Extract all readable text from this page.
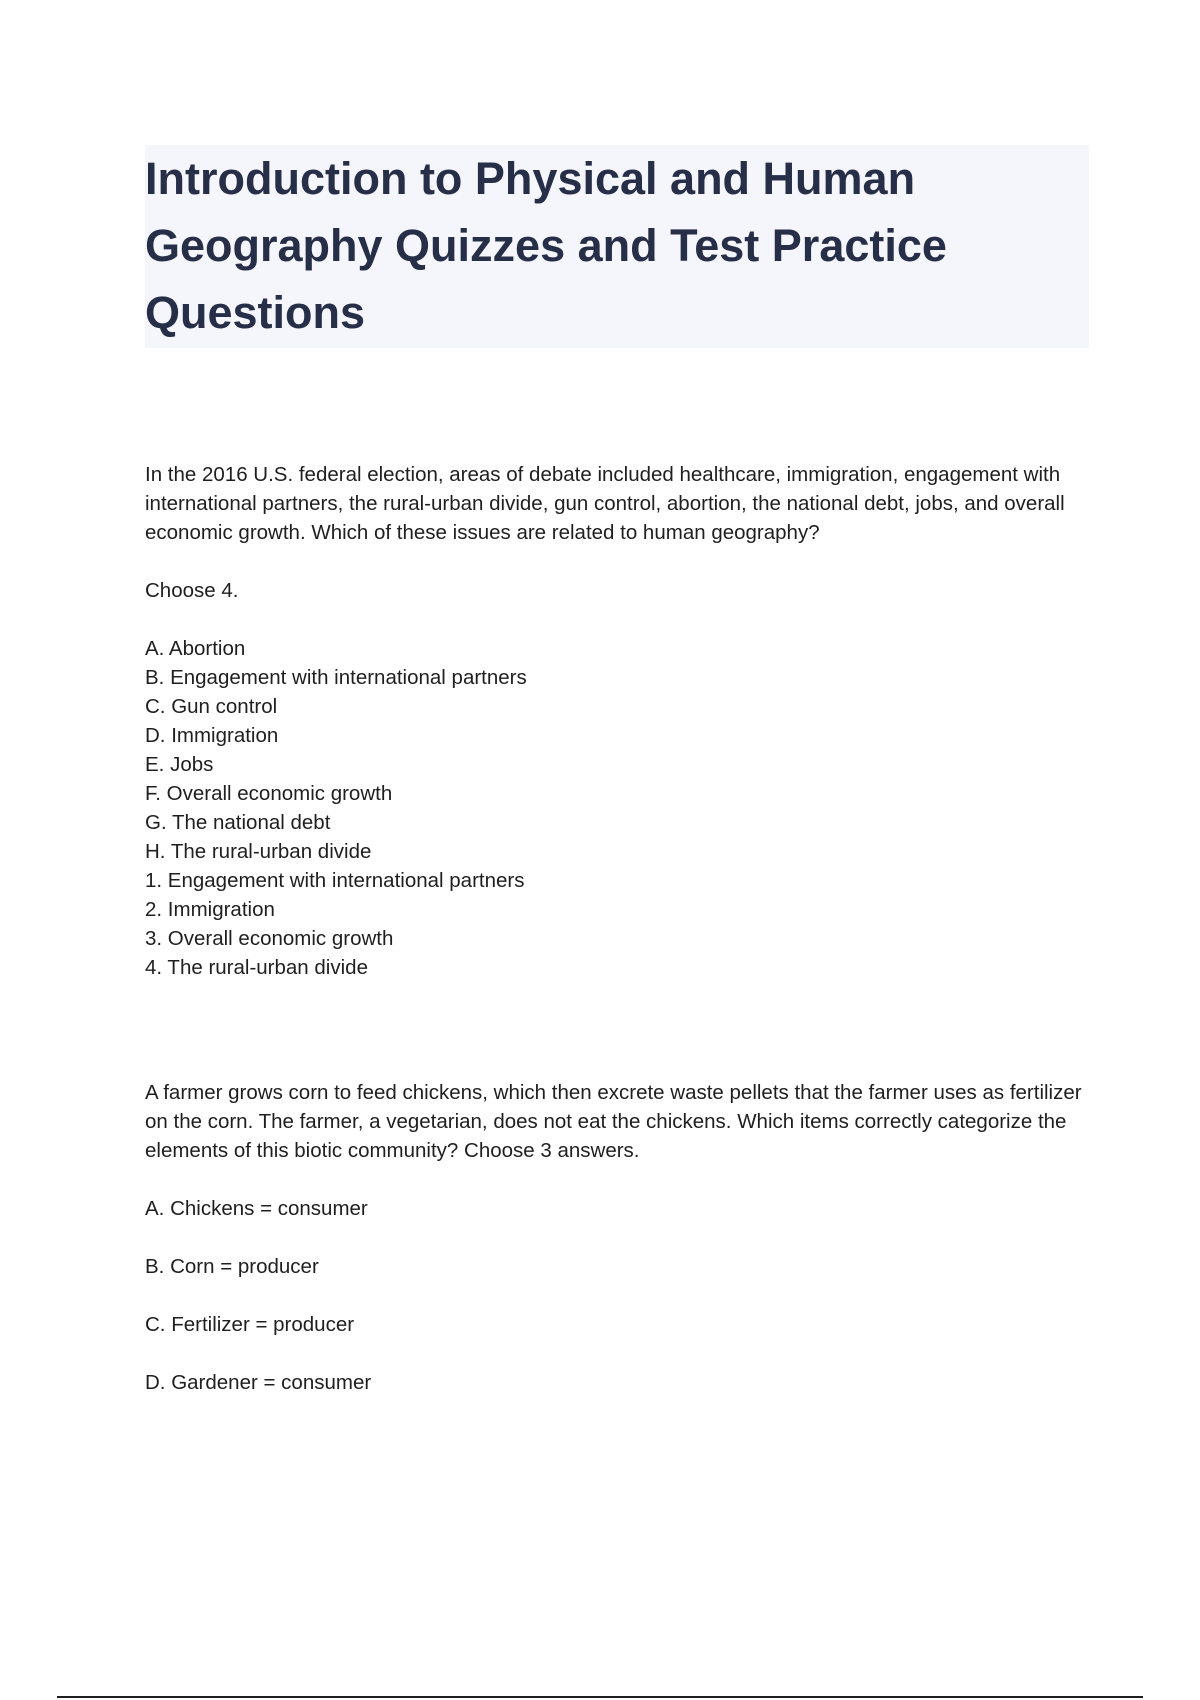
Introduction to Physical and Human Geography Quizzes and Test Practice Questions

In the 2016 U.S. federal election, areas of debate included healthcare, immigration, engagement with international partners, the rural-urban divide, gun control, abortion, the national debt, jobs, and overall economic growth. Which of these issues are related to human geography?

Choose 4.

A. Abortion

B. Engagement with international partners

C. Gun control

D. Immigration

E. Jobs

F. Overall economic growth

G. The national debt

H. The rural-urban divide

1. Engagement with international partners

2. Immigration

3. Overall economic growth

4. The rural-urban divide

A farmer grows corn to feed chickens, which then excrete waste pellets that the farmer uses as fertilizer on the corn. The farmer, a vegetarian, does not eat the chickens. Which items correctly categorize the elements of this biotic community? Choose 3 answers.

A. Chickens = consumer

B. Corn = producer

C. Fertilizer = producer

D. Gardener = consumer
